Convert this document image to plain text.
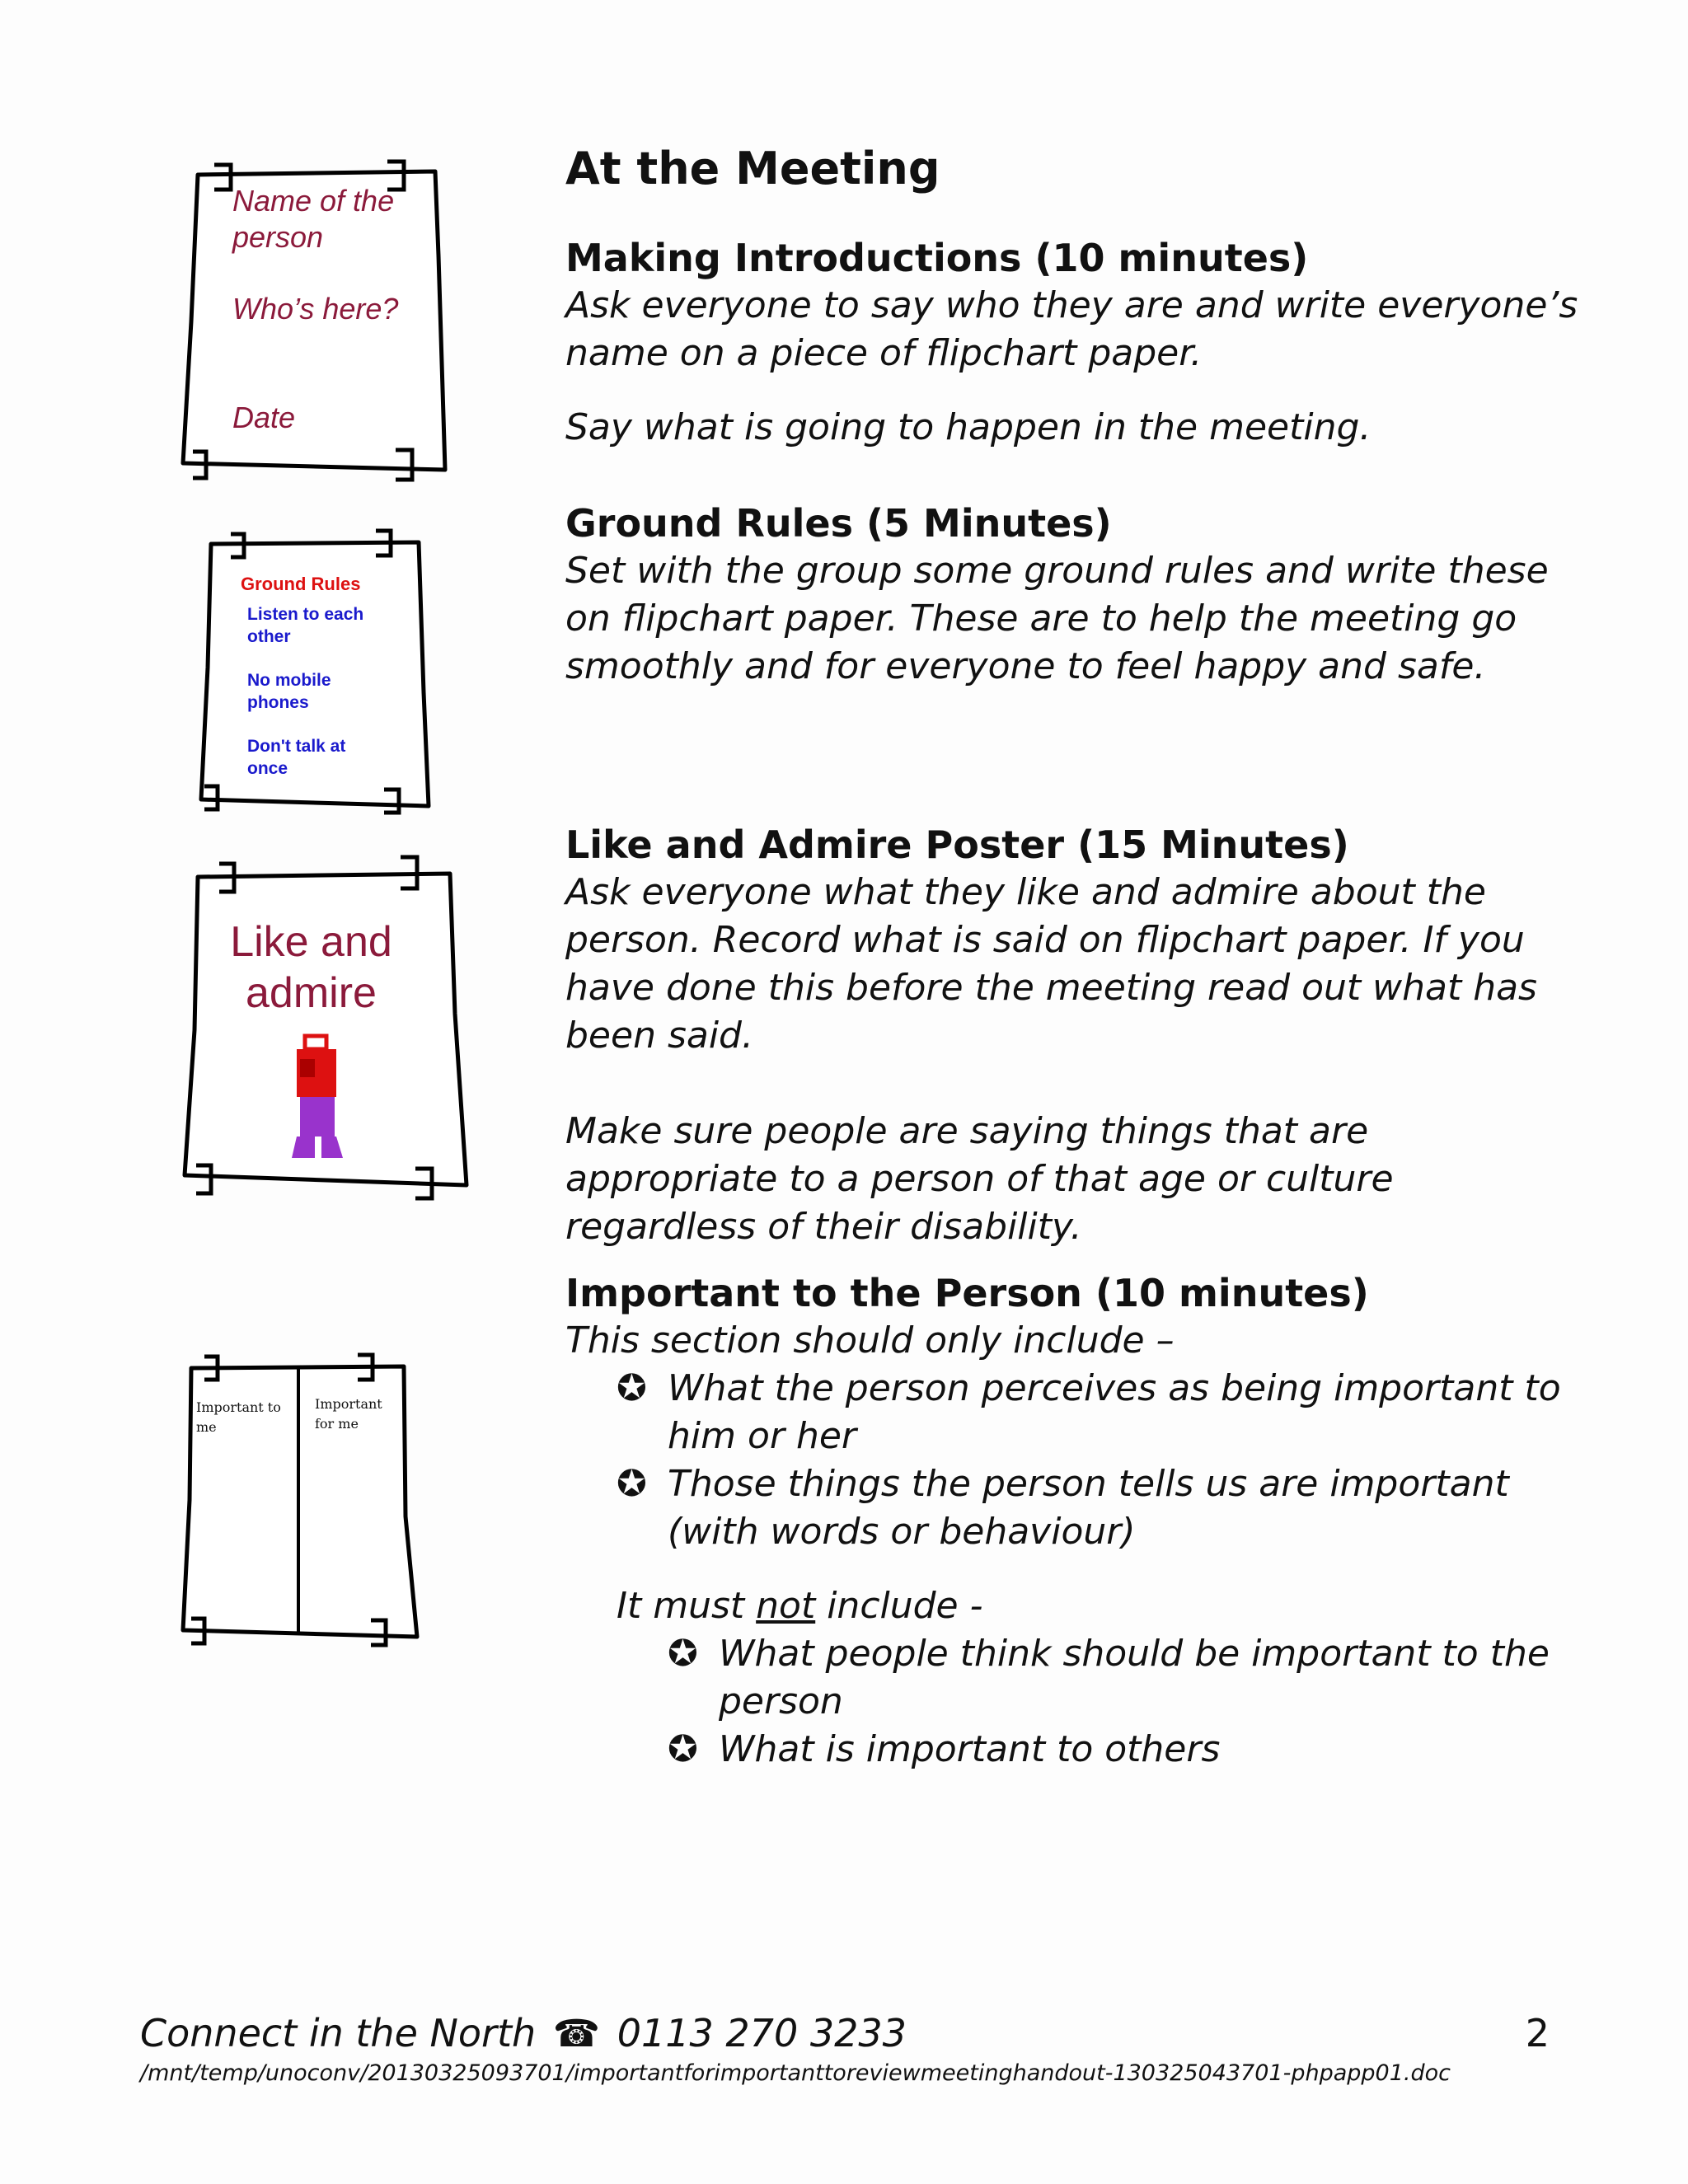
Name of the
person
Who’s here?
Date
Ground Rules
Listen to each
other
No mobile
phones
Don't talk at
once
Like and
admire
Important to
me
Important
for me
At the Meeting
Making Introductions (10 minutes)

Ask everyone to say who they are and write everyone’s name on a piece of flipchart paper.

Say what is going to happen in the meeting.

Ground Rules (5 Minutes)

Set with the group some ground rules and write these on flipchart paper. These are to help the meeting go smoothly and for everyone to feel happy and safe.

Like and Admire Poster (15 Minutes)

Ask everyone what they like and admire about the person. Record what is said on flipchart paper. If you have done this before the meeting read out what has been said.

Make sure people are saying things that are appropriate to a person of that age or culture regardless of their disability.

Important to the Person (10 minutes)

This section should only include –

✪ What the person perceives as being important to him or her
✪ Those things the person tells us are important (with words or behaviour)

It must not include -

✪ What people think should be important to the person
✪ What is important to others
Connect in the North ☎ 0113 270 3233	2
/mnt/temp/unoconv/20130325093701/importantforimportanttoreviewmeetinghandout-130325043701-phpapp01.doc
